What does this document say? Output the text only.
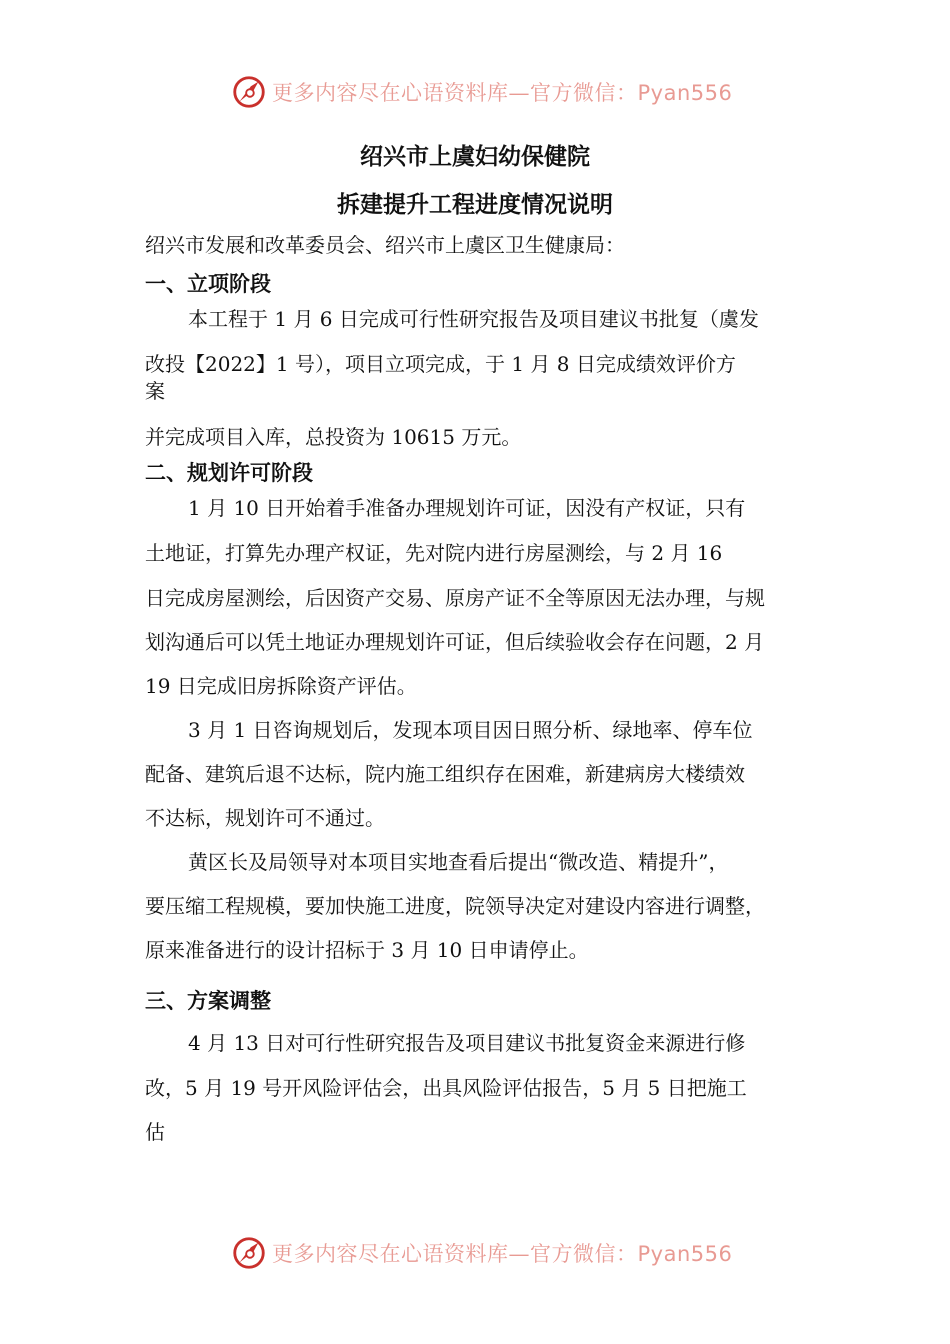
更多内容尽在心语资料库—官方微信：Pyan556
绍兴市上虞妇幼保健院
拆建提升工程进度情况说明
绍兴市发展和改革委员会、绍兴市上虞区卫生健康局：
一、立项阶段
本工程于 1 月 6 日完成可行性研究报告及项目建议书批复（虞发
改投【2022】1 号），项目立项完成，于 1 月 8 日完成绩效评价方
案
并完成项目入库，总投资为 10615 万元。
二、规划许可阶段
1 月 10 日开始着手准备办理规划许可证，因没有产权证，只有
土地证，打算先办理产权证，先对院内进行房屋测绘，与 2 月 16
日完成房屋测绘，后因资产交易、原房产证不全等原因无法办理，与规
划沟通后可以凭土地证办理规划许可证，但后续验收会存在问题，2 月
19 日完成旧房拆除资产评估。
3 月 1 日咨询规划后，发现本项目因日照分析、绿地率、停车位
配备、建筑后退不达标，院内施工组织存在困难，新建病房大楼绩效
不达标，规划许可不通过。
黄区长及局领导对本项目实地查看后提出“微改造、精提升”，
要压缩工程规模，要加快施工进度，院领导决定对建设内容进行调整，
原来准备进行的设计招标于 3 月 10 日申请停止。
三、方案调整
4 月 13 日对可行性研究报告及项目建议书批复资金来源进行修
改，5 月 19 号开风险评估会，出具风险评估报告，5 月 5 日把施工
估
更多内容尽在心语资料库—官方微信：Pyan556
